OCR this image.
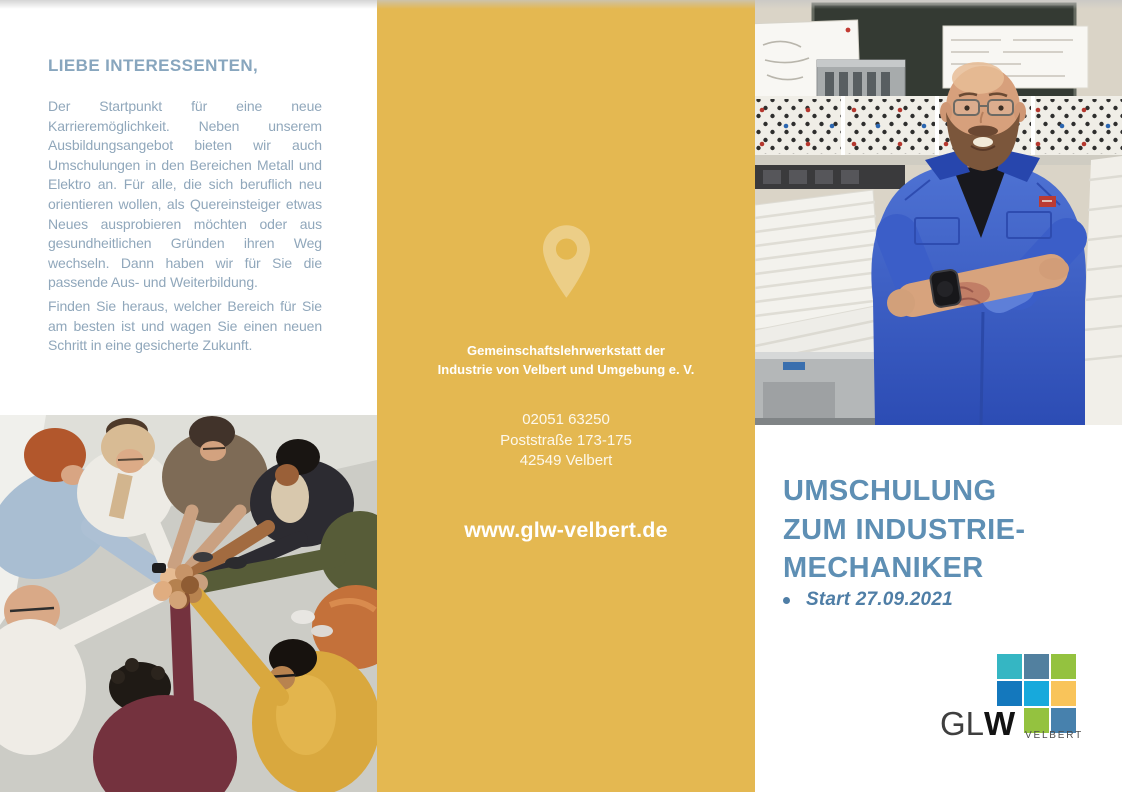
LIEBE INTERESSENTEN,

Der Startpunkt für eine neue Karrieremöglichkeit. Neben unserem Ausbildungsangebot bieten wir auch Umschulungen in den Bereichen Metall und Elektro an. Für alle, die sich beruflich neu orientieren wollen, als Quereinsteiger etwas Neues ausprobieren möchten oder aus gesundheitlichen Gründen ihren Weg wechseln. Dann haben wir für Sie die passende Aus- und Weiterbildung.

Finden Sie heraus, welcher Bereich für Sie am besten ist und wagen Sie einen neuen Schritt in eine gesicherte Zukunft.	Gemeinschaftslehrwerkstatt der
Industrie von Velbert und Umgebung e. V.
02051 63250
Poststraße 173-175
42549 Velbert
www.glw-velbert.de
UMSCHULUNG
ZUM INDUSTRIE-
MECHANIKER
Start 27.09.2021
GLW VELBERT
